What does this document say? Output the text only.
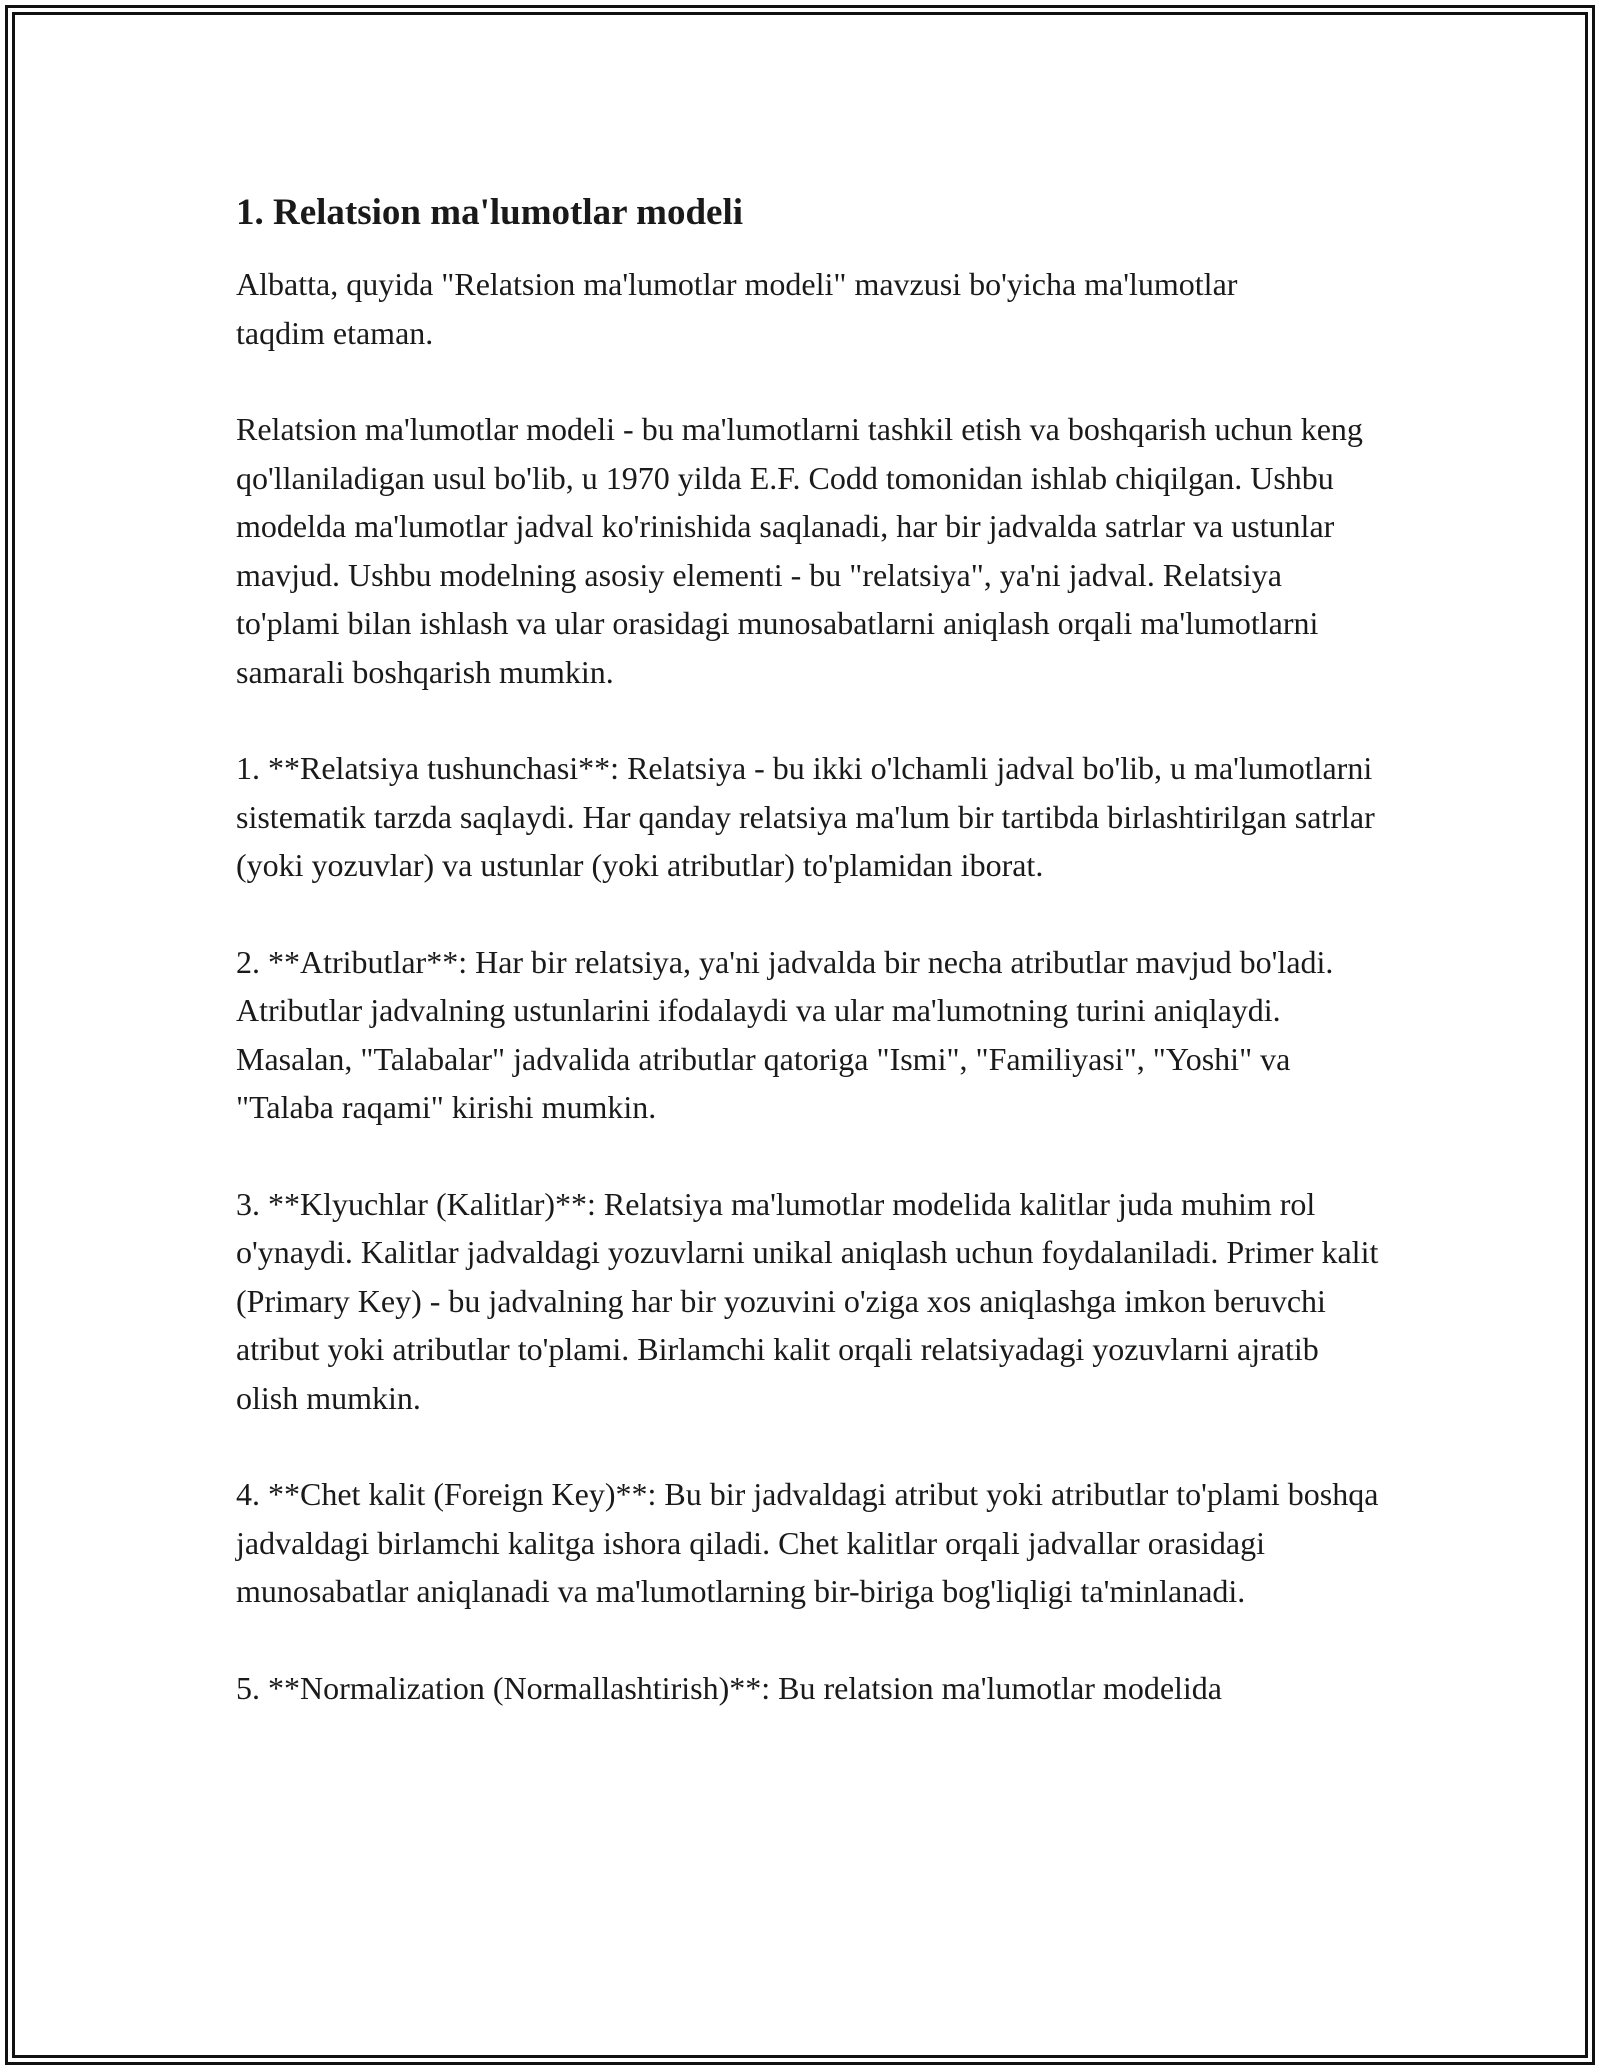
1. Relatsion ma'lumotlar modeli

Albatta, quyida "Relatsion ma'lumotlar modeli" mavzusi bo'yicha ma'lumotlar taqdim etaman.

Relatsion ma'lumotlar modeli - bu ma'lumotlarni tashkil etish va boshqarish uchun keng qo'llaniladigan usul bo'lib, u 1970 yilda E.F. Codd tomonidan ishlab chiqilgan. Ushbu modelda ma'lumotlar jadval ko'rinishida saqlanadi, har bir jadvalda satrlar va ustunlar mavjud. Ushbu modelning asosiy elementi - bu "relatsiya", ya'ni jadval. Relatsiya to'plami bilan ishlash va ular orasidagi munosabatlarni aniqlash orqali ma'lumotlarni samarali boshqarish mumkin.

1. **Relatsiya tushunchasi**: Relatsiya - bu ikki o'lchamli jadval bo'lib, u ma'lumotlarni sistematik tarzda saqlaydi. Har qanday relatsiya ma'lum bir tartibda birlashtirilgan satrlar (yoki yozuvlar) va ustunlar (yoki atributlar) to'plamidan iborat.

2. **Atributlar**: Har bir relatsiya, ya'ni jadvalda bir necha atributlar mavjud bo'ladi. Atributlar jadvalning ustunlarini ifodalaydi va ular ma'lumotning turini aniqlaydi. Masalan, "Talabalar" jadvalida atributlar qatoriga "Ismi", "Familiyasi", "Yoshi" va "Talaba raqami" kirishi mumkin.

3. **Klyuchlar (Kalitlar)**: Relatsiya ma'lumotlar modelida kalitlar juda muhim rol o'ynaydi. Kalitlar jadvaldagi yozuvlarni unikal aniqlash uchun foydalaniladi. Primer kalit (Primary Key) - bu jadvalning har bir yozuvini o'ziga xos aniqlashga imkon beruvchi atribut yoki atributlar to'plami. Birlamchi kalit orqali relatsiyadagi yozuvlarni ajratib olish mumkin.

4. **Chet kalit (Foreign Key)**: Bu bir jadvaldagi atribut yoki atributlar to'plami boshqa jadvaldagi birlamchi kalitga ishora qiladi. Chet kalitlar orqali jadvallar orasidagi munosabatlar aniqlanadi va ma'lumotlarning bir-biriga bog'liqligi ta'minlanadi.

5. **Normalization (Normallashtirish)**: Bu relatsion ma'lumotlar modelida
